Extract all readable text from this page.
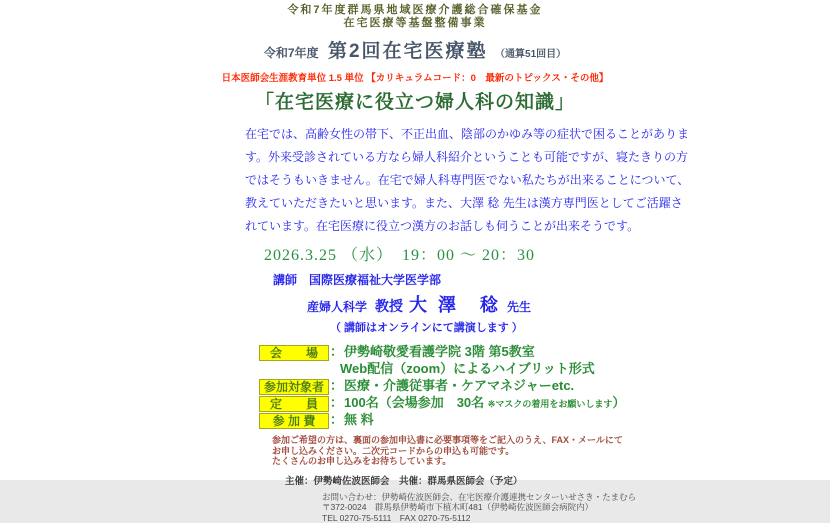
令和7年度群馬県地域医療介護総合確保基金
在宅医療等基盤整備事業
令和7年度 第2回在宅医療塾 （通算51回目）
日本医師会生涯教育単位 1.5 単位 【カリキュラムコード：0　最新のトピックス・その他】
「在宅医療に役立つ婦人科の知識」
在宅では、高齢女性の帯下、不正出血、陰部のかゆみ等の症状で困ることがありま
す。外来受診されている方なら婦人科紹介ということも可能ですが、寝たきりの方
ではそうもいきません。在宅で婦人科専門医でない私たちが出来ることについて、
教えていただきたいと思います。また、大澤 稔 先生は漢方専門医としてご活躍さ
れています。在宅医療に役立つ漢方のお話しも伺うことが出来そうです。
2026.3.25 （水）　19：00 ～ 20：30
講師　国際医療福祉大学医学部
産婦人科学 教授 大 澤　稔 先生
（ 講師はオンラインにて講演します ）
会　　場 ：伊勢崎敬愛看護学院 3階 第5教室
Web配信（zoom）によるハイブリット形式
参加対象者 ：医療・介護従事者・ケアマネジャーetc.
定　　員 ：100名（会場参加　30名 ※マスクの着用をお願いします）
参 加 費 ：無 料
参加ご希望の方は、裏面の参加申込書に必要事項等をご記入のうえ、FAX・メールにて
お申し込みください。二次元コードからの申込も可能です。
たくさんのお申し込みをお待ちしています。
主催：伊勢崎佐波医師会　共催：群馬県医師会（予定）
お問い合わせ：伊勢崎佐波医師会、在宅医療介護連携センターいせさき・たまむら
〒372-0024　群馬県伊勢崎市下植木町481（伊勢崎佐波医師会病院内）
TEL 0270-75-5111　FAX 0270-75-5112
